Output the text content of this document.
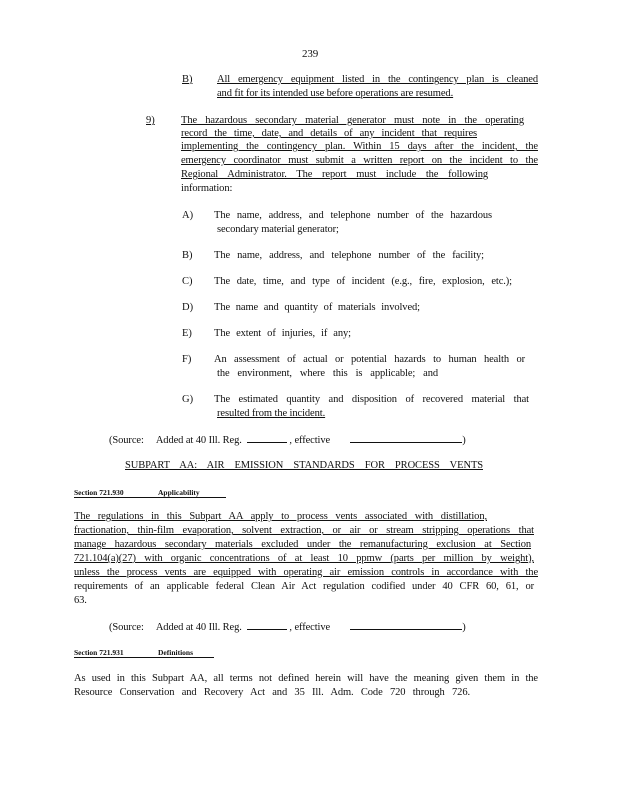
239
B) All emergency equipment listed in the contingency plan is cleaned
and fit for its intended use before operations are resumed.
9)	The hazardous secondary material generator must note in the operating
record the time, date, and details of any incident that requires
implementing the contingency plan. Within 15 days after the incident, the
emergency coordinator must submit a written report on the incident to the
Regional Administrator. The report must include the following
information:
A) The name, address, and telephone number of the hazardous
secondary material generator;
B) The name, address, and telephone number of the facility;
C) The date, time, and type of incident (e.g., fire, explosion, etc.);
D) The name and quantity of materials involved;
E) The extent of injuries, if any;
F) An assessment of actual or potential hazards to human health or
the environment, where this is applicable; and
G) The estimated quantity and disposition of recovered material that
resulted from the incident.
(Source: Added at 40 Ill. Reg.	, effective	)
SUBPART AA: AIR EMISSION STANDARDS FOR PROCESS VENTS
Section 721.930	Applicability
The regulations in this Subpart AA apply to process vents associated with distillation,
fractionation, thin-film evaporation, solvent extraction, or air or stream stripping operations that
manage hazardous secondary materials excluded under the remanufacturing exclusion at Section
721.104(a)(27) with organic concentrations of at least 10 ppmw (parts per million by weight),
unless the process vents are equipped with operating air emission controls in accordance with the
requirements of an applicable federal Clean Air Act regulation codified under 40 CFR 60, 61, or
63.
(Source: Added at 40 Ill. Reg.	, effective	)
Section 721.931	Definitions
As used in this Subpart AA, all terms not defined herein will have the meaning given them in the
Resource Conservation and Recovery Act and 35 Ill. Adm. Code 720 through 726.
